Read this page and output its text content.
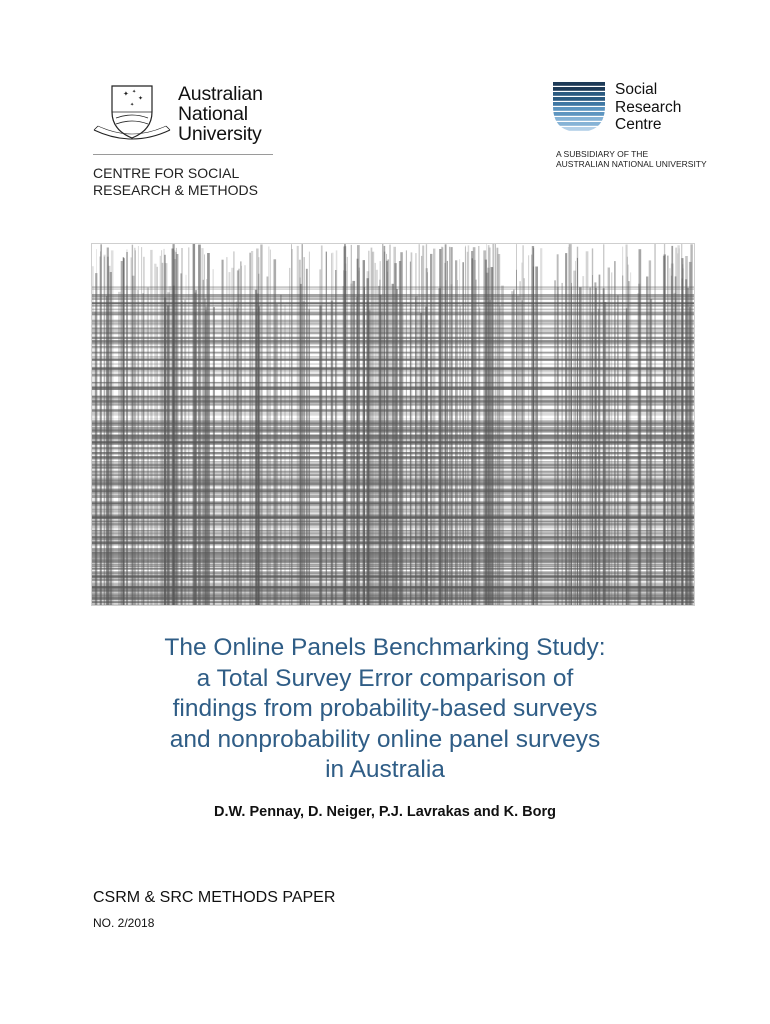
✦ ✦
✦
✦ Australian
National
University
CENTRE FOR SOCIAL
RESEARCH & METHODS
Social
Research
Centre
A SUBSIDIARY OF THE
AUSTRALIAN NATIONAL UNIVERSITY
The Online Panels Benchmarking Study:
a Total Survey Error comparison of
findings from probability-based surveys
and nonprobability online panel surveys
in Australia
D.W. Pennay, D. Neiger, P.J. Lavrakas and K. Borg
CSRM & SRC METHODS PAPER
NO. 2/2018
